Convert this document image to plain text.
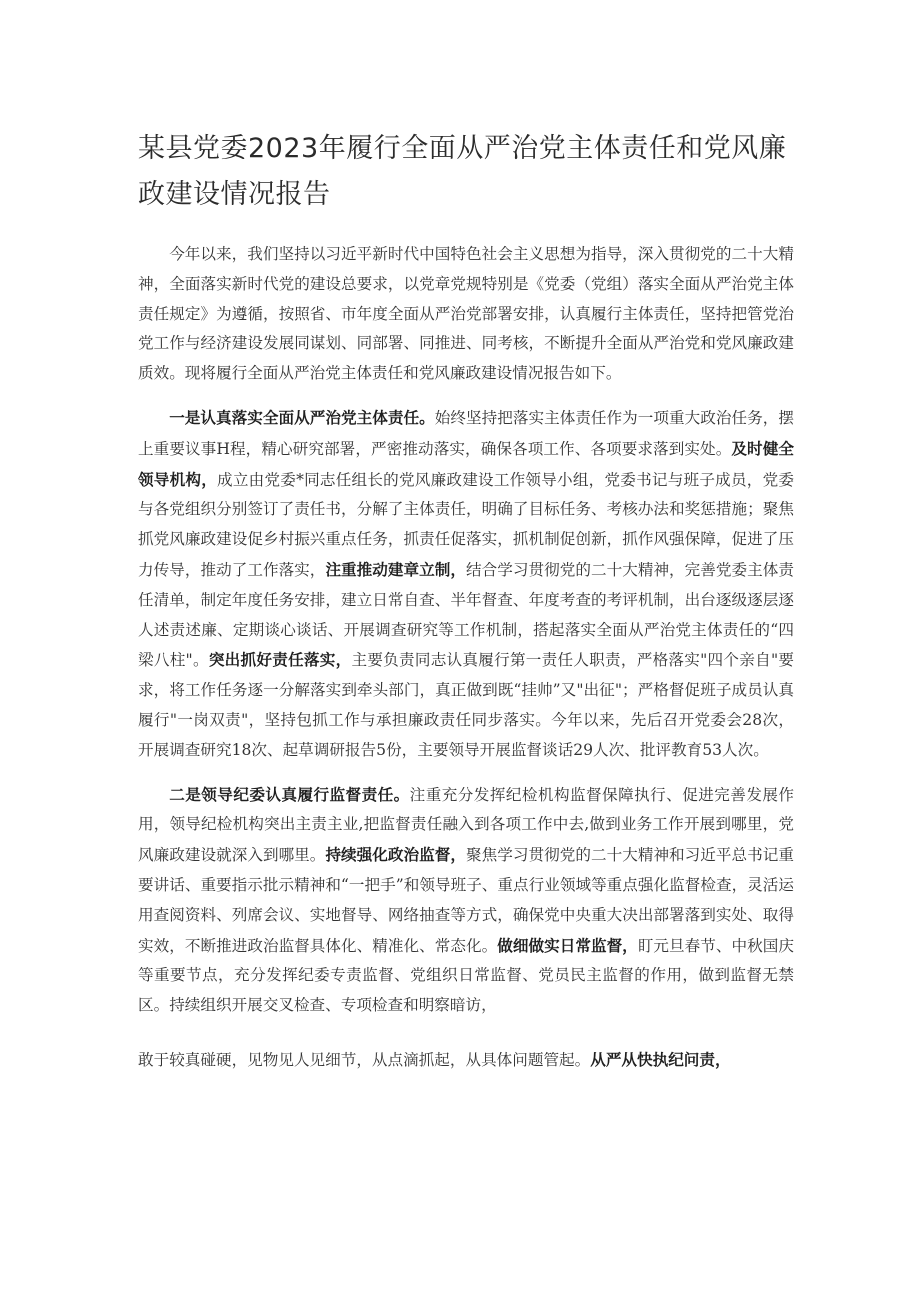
某县党委2023年履行全面从严治党主体责任和党风廉政建设情况报告

今年以来，我们坚持以习近平新时代中国特色社会主义思想为指导，深入贯彻党的二十大精神，全面落实新时代党的建设总要求，以党章党规特别是《党委（党组）落实全面从严治党主体责任规定》为遵循，按照省、市年度全面从严治党部署安排，认真履行主体责任，坚持把管党治党工作与经济建设发展同谋划、同部署、同推进、同考核，不断提升全面从严治党和党风廉政建质效。现将履行全面从严治党主体责任和党风廉政建设情况报告如下。

一是认真落实全面从严治党主体责任。始终坚持把落实主体责任作为一项重大政治任务，摆上重要议事H程，精心研究部署，严密推动落实，确保各项工作、各项要求落到实处。及时健全领导机构，成立由党委*同志任组长的党风廉政建设工作领导小组，党委书记与班子成员，党委与各党组织分别签订了责任书，分解了主体责任，明确了目标任务、考核办法和奖惩措施；聚焦抓党风廉政建设促乡村振兴重点任务，抓责任促落实，抓机制促创新，抓作风强保障，促进了压力传导，推动了工作落实，注重推动建章立制，结合学习贯彻党的二十大精神，完善党委主体责任清单，制定年度任务安排，建立日常自查、半年督查、年度考查的考评机制，出台逐级逐层逐人述责述廉、定期谈心谈话、开展调查研究等工作机制，搭起落实全面从严治党主体责任的“四梁八柱"。突出抓好责任落实，主要负责同志认真履行第一责任人职责，严格落实"四个亲自"要求，将工作任务逐一分解落实到牵头部门，真正做到既“挂帅”又"出征"；严格督促班子成员认真履行"一岗双责"，坚持包抓工作与承担廉政责任同步落实。今年以来，先后召开党委会28次，开展调查研究18次、起草调研报告5份，主要领导开展监督谈话29人次、批评教育53人次。

二是领导纪委认真履行监督责任。注重充分发挥纪检机构监督保障执行、促进完善发展作用，领导纪检机构突出主责主业,把监督责任融入到各项工作中去,做到业务工作开展到哪里，党风廉政建设就深入到哪里。持续强化政治监督，聚焦学习贯彻党的二十大精神和习近平总书记重要讲话、重要指示批示精神和“一把手”和领导班子、重点行业领域等重点强化监督检查，灵活运用查阅资料、列席会议、实地督导、网络抽查等方式，确保党中央重大决出部署落到实处、取得实效，不断推进政治监督具体化、精准化、常态化。做细做实日常监督，盯元旦春节、中秋国庆等重要节点，充分发挥纪委专责监督、党组织日常监督、党员民主监督的作用，做到监督无禁区。持续组织开展交叉检查、专项检查和明察暗访，

敢于较真碰硬，见物见人见细节，从点滴抓起，从具体问题管起。从严从快执纪问责，
